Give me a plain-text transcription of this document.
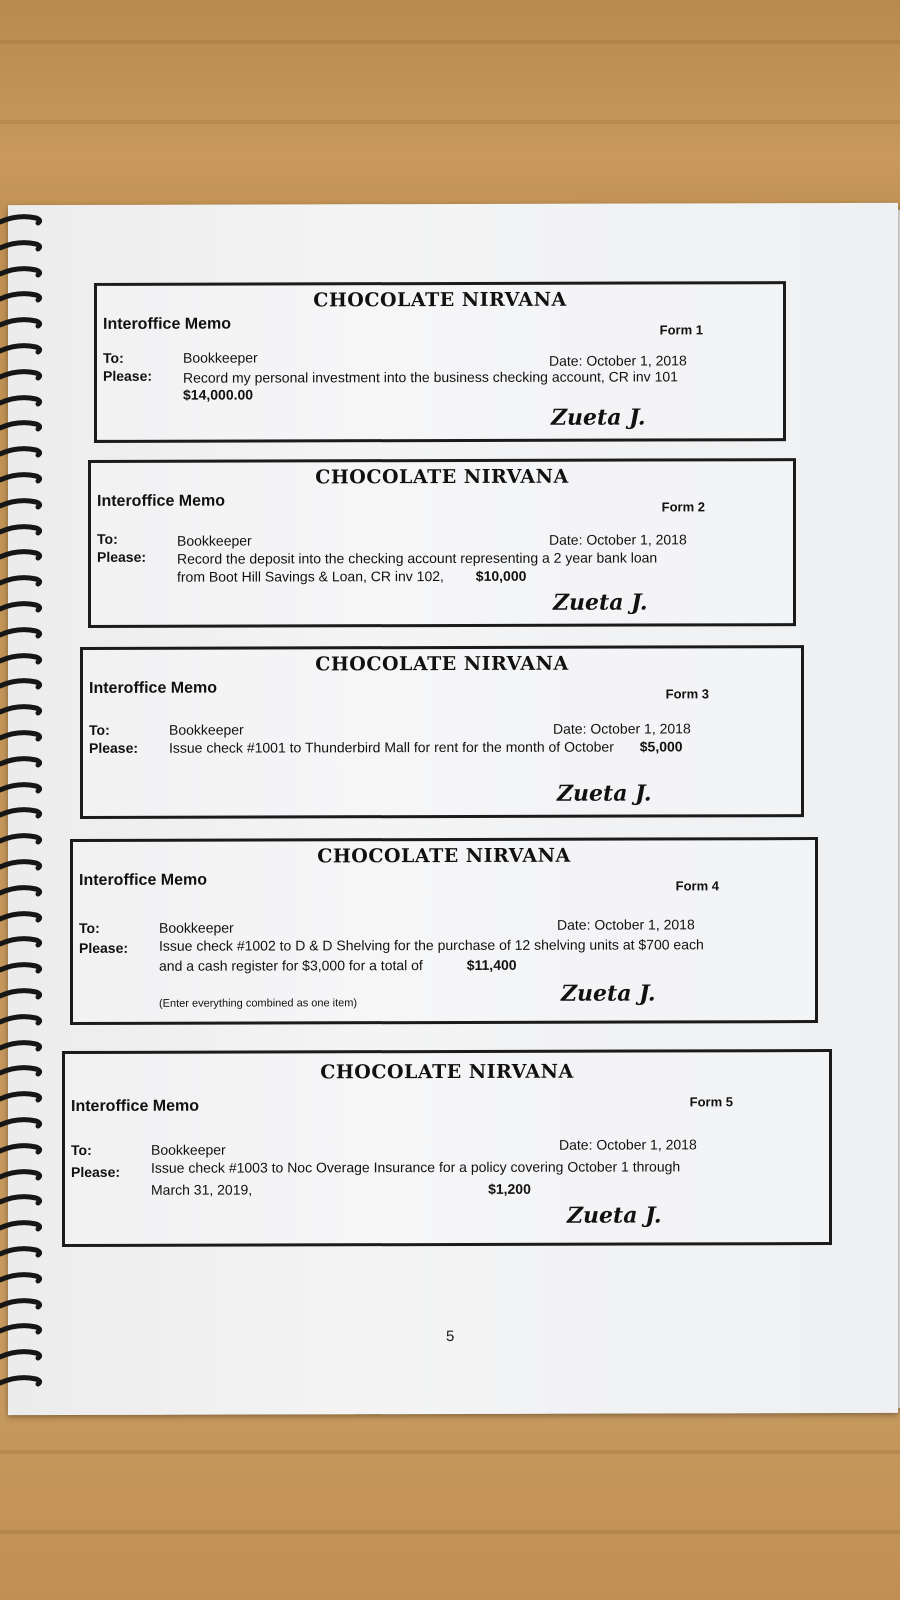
CHOCOLATE NIRVANA
Interoffice Memo	Form 1
To:	Bookkeeper	Date: October 1, 2018
Please: Record my personal investment into the business checking account, CR inv 101
$14,000.00
Zueta J.
CHOCOLATE NIRVANA
Interoffice Memo	Form 2
To:	Bookkeeper	Date: October 1, 2018
Please: Record the deposit into the checking account representing a 2 year bank loan
from Boot Hill Savings & Loan, CR inv 102, $10,000
Zueta J.
CHOCOLATE NIRVANA
Interoffice Memo	Form 3
To:	Bookkeeper	Date: October 1, 2018
Please: Issue check #1001 to Thunderbird Mall for rent for the month of October $5,000
Zueta J.
CHOCOLATE NIRVANA
Interoffice Memo	Form 4
To:	Bookkeeper	Date: October 1, 2018
Please: Issue check #1002 to D & D Shelving for the purchase of 12 shelving units at $700 each
and a cash register for $3,000 for a total of	$11,400
(Enter everything combined as one item)	Zueta J.
CHOCOLATE NIRVANA
Interoffice Memo	Form 5
To:	Bookkeeper	Date: October 1, 2018
Please: Issue check #1003 to Noc Overage Insurance for a policy covering October 1 through
March 31, 2019,	$1,200
Zueta J.
5
